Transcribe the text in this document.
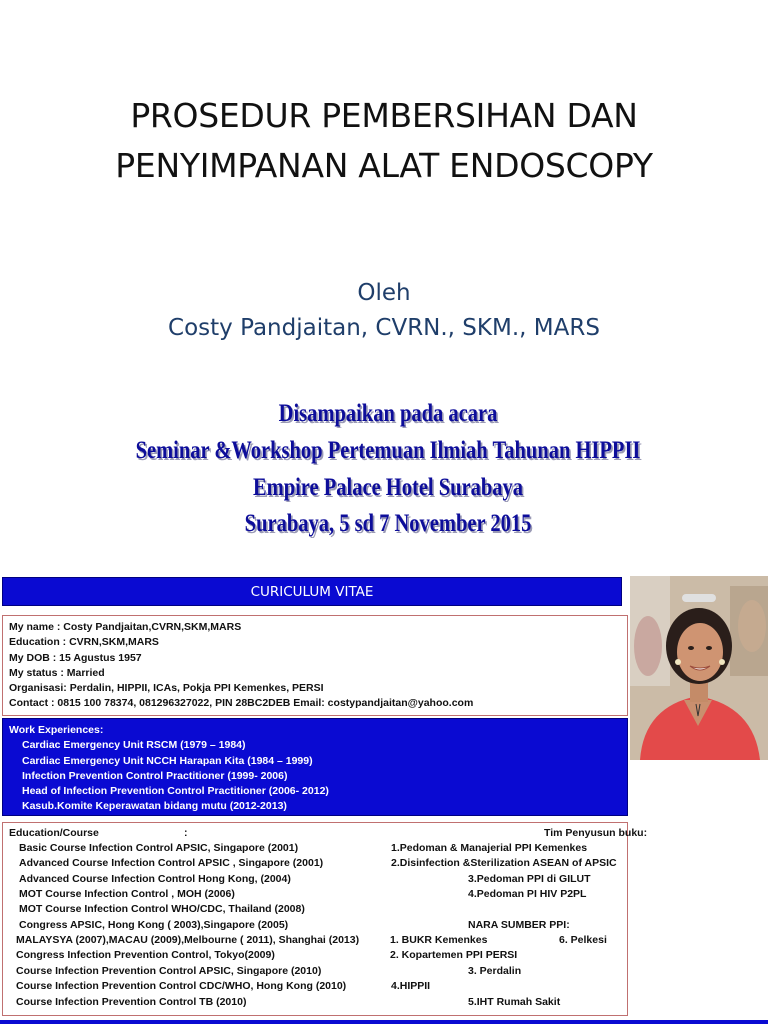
PROSEDUR PEMBERSIHAN DAN
PENYIMPANAN ALAT ENDOSCOPY
Oleh
Costy Pandjaitan, CVRN., SKM., MARS
Disampaikan pada acara
Seminar &Workshop Pertemuan Ilmiah Tahunan HIPPII
Empire Palace Hotel Surabaya
Surabaya, 5 sd 7 November 2015
CURICULUM VITAE
My name : Costy Pandjaitan,CVRN,SKM,MARS
Education : CVRN,SKM,MARS
My DOB : 15 Agustus 1957
My status : Married
Organisasi: Perdalin, HIPPII, ICAs, Pokja PPI Kemenkes, PERSI
Contact : 0815 100 78374, 081296327022, PIN 28BC2DEB Email: costypandjaitan@yahoo.com
Work Experiences:
Cardiac Emergency Unit RSCM (1979 – 1984)
Cardiac Emergency Unit NCCH Harapan Kita (1984 – 1999)
Infection Prevention Control Practitioner (1999- 2006)
Head of Infection Prevention Control Practitioner (2006- 2012)
Kasub.Komite Keperawatan bidang mutu (2012-2013)
Education/Course	:	Tim Penyusun buku:
Basic Course Infection Control APSIC, Singapore (2001)	1.Pedoman & Manajerial PPI Kemenkes
Advanced Course Infection Control APSIC , Singapore (2001)	2.Disinfection &Sterilization ASEAN of APSIC
Advanced Course Infection Control Hong Kong, (2004)	3.Pedoman PPI di GILUT
MOT Course Infection Control , MOH (2006)	4.Pedoman PI HIV P2PL
MOT Course Infection Control WHO/CDC, Thailand (2008)
Congress APSIC, Hong Kong ( 2003),Singapore (2005)	NARA SUMBER PPI:
MALAYSYA (2007),MACAU (2009),Melbourne ( 2011), Shanghai (2013)	1. BUKR Kemenkes	6. Pelkesi
Congress Infection Prevention Control, Tokyo(2009)	2. Kopartemen PPI PERSI
Course Infection Prevention Control APSIC, Singapore (2010)	3. Perdalin
Course Infection Prevention Control CDC/WHO, Hong Kong (2010)	4.HIPPII
Course Infection Prevention Control TB (2010)	5.IHT Rumah Sakit
